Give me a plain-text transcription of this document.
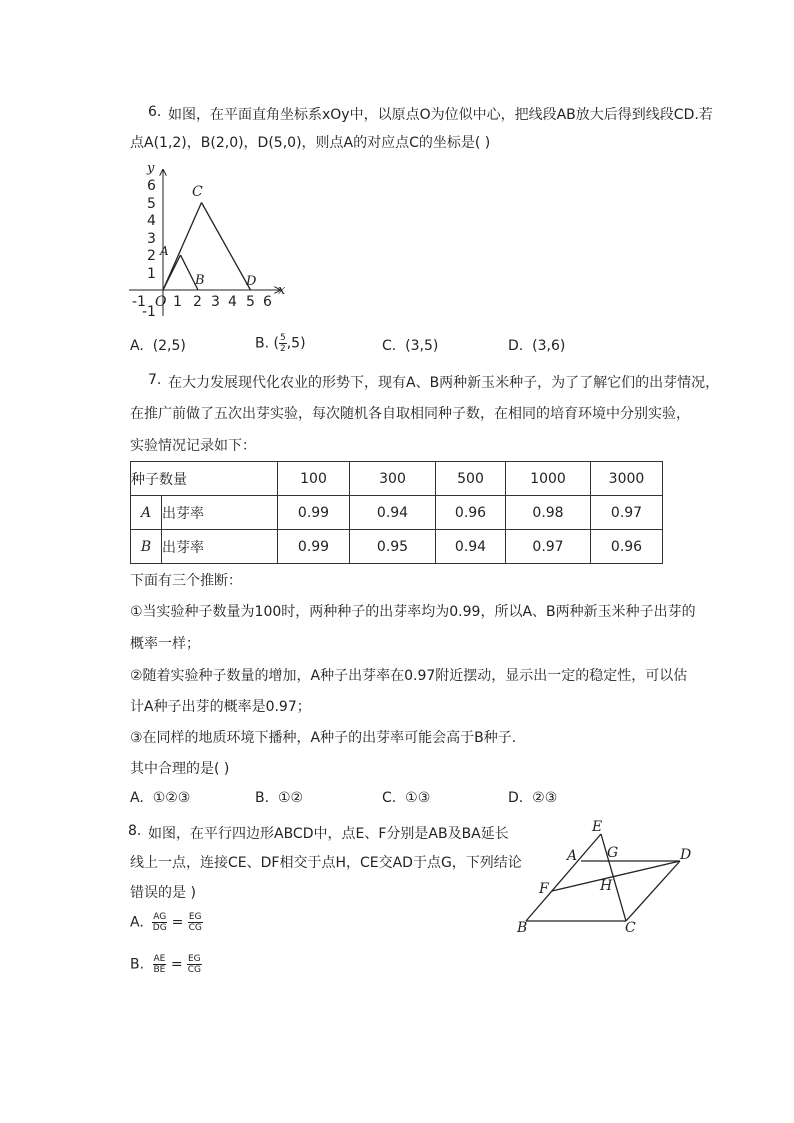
6. 如图，在平面直角坐标系xOy中，以原点O为位似中心，把线段AB放大后得到线段CD.若
点A(1,2)，B(2,0)，D(5,0)，则点A的对应点C的坐标是( )
1 2 3 4 5 6
1
2
3
4
5
6
-1
-1
O
x
y
A
B
C
D
A. (2,5)	B. ( $\frac{5}{2} ,5$)	C. (3,5)	D. (3,6)
7. 在大力发展现代化农业的形势下，现有A、B两种新玉米种子，为了了解它们的出芽情况，
在推广前做了五次出芽实验，每次随机各自取相同种子数，在相同的培育环境中分别实验，
实验情况记录如下：
种子数量		100	300	500	1000	3000
A	出芽率	0.99	0.94	0.96	0.98	0.97
B	出芽率	0.99	0.95	0.94	0.97	0.96
下面有三个推断：
①当实验种子数量为100时，两种种子的出芽率均为0.99，所以A、B两种新玉米种子出芽的
概率一样；
②随着实验种子数量的增加，A种子出芽率在0.97附近摆动，显示出一定的稳定性，可以估
计A种子出芽的概率是0.97；
③在同样的地质环境下播种，A种子的出芽率可能会高于B种子.
其中合理的是( )
A. ①②③	B. ①②	C. ①③	D. ②③
8. 如图，在平行四边形ABCD中，点E、F分别是AB及BA延长
线上一点，连接CE、DF相交于点H，CE交AD于点G，下列结论
错误的是 )
E
A G	D
F	H
B	C
A. $\frac{AG}{DG} = \frac{EG}{CG}$
B. $\frac{AE}{BE} = \frac{EG}{CG}$
